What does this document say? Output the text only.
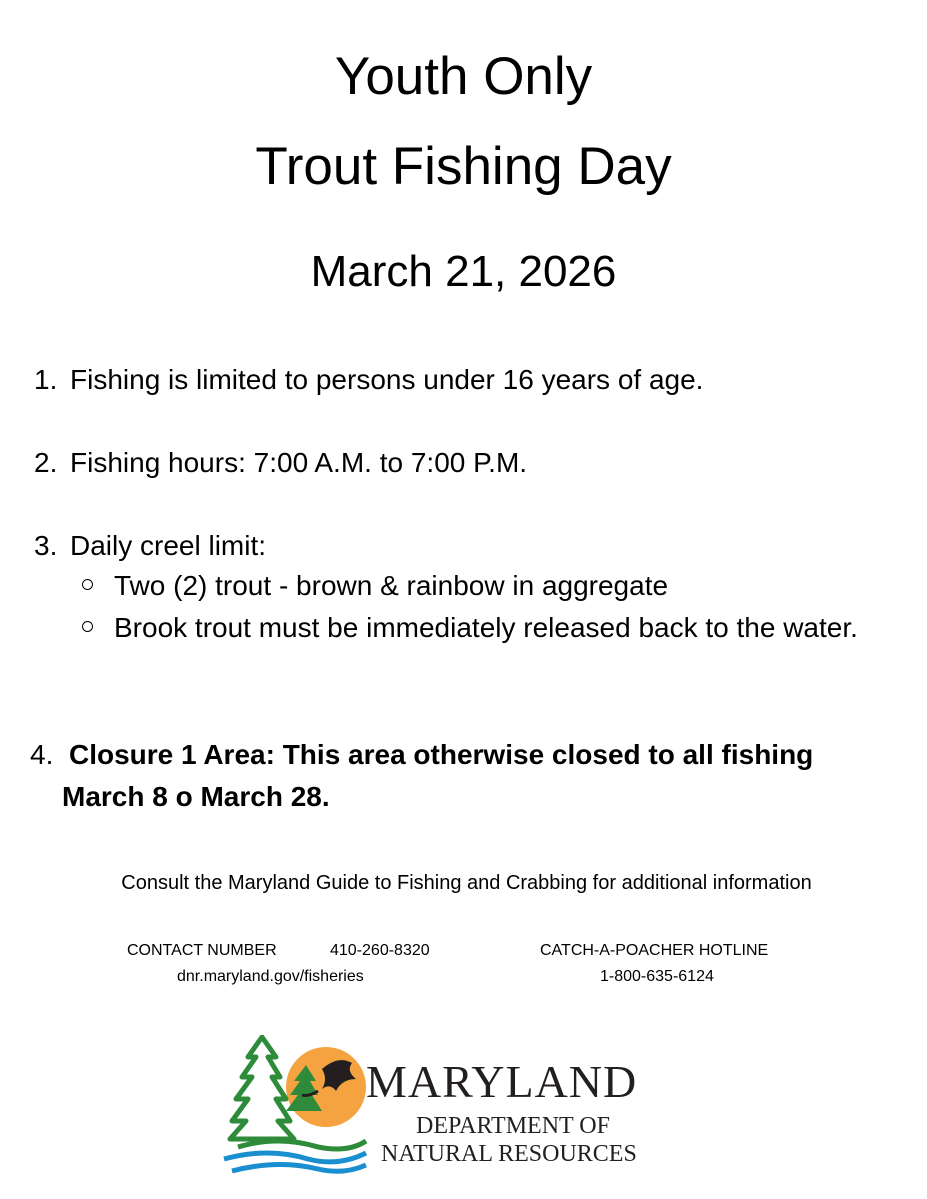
Youth Only
Trout Fishing Day
March 21, 2026
1. Fishing is limited to persons under 16 years of age.
2. Fishing hours: 7:00 A.M. to 7:00 P.M.
3. Daily creel limit:
Two (2) trout - brown & rainbow in aggregate
Brook trout must be immediately released back to the water.
4. Closure 1 Area: This area otherwise closed to all fishing
March 8 o March 28.
Consult the Maryland Guide to Fishing and Crabbing for additional information
CONTACT NUMBER	410-260-8320
dnr.maryland.gov/fisheries
CATCH-A-POACHER HOTLINE
1-800-635-6124
MARYLAND
DEPARTMENT OF
NATURAL RESOURCES
